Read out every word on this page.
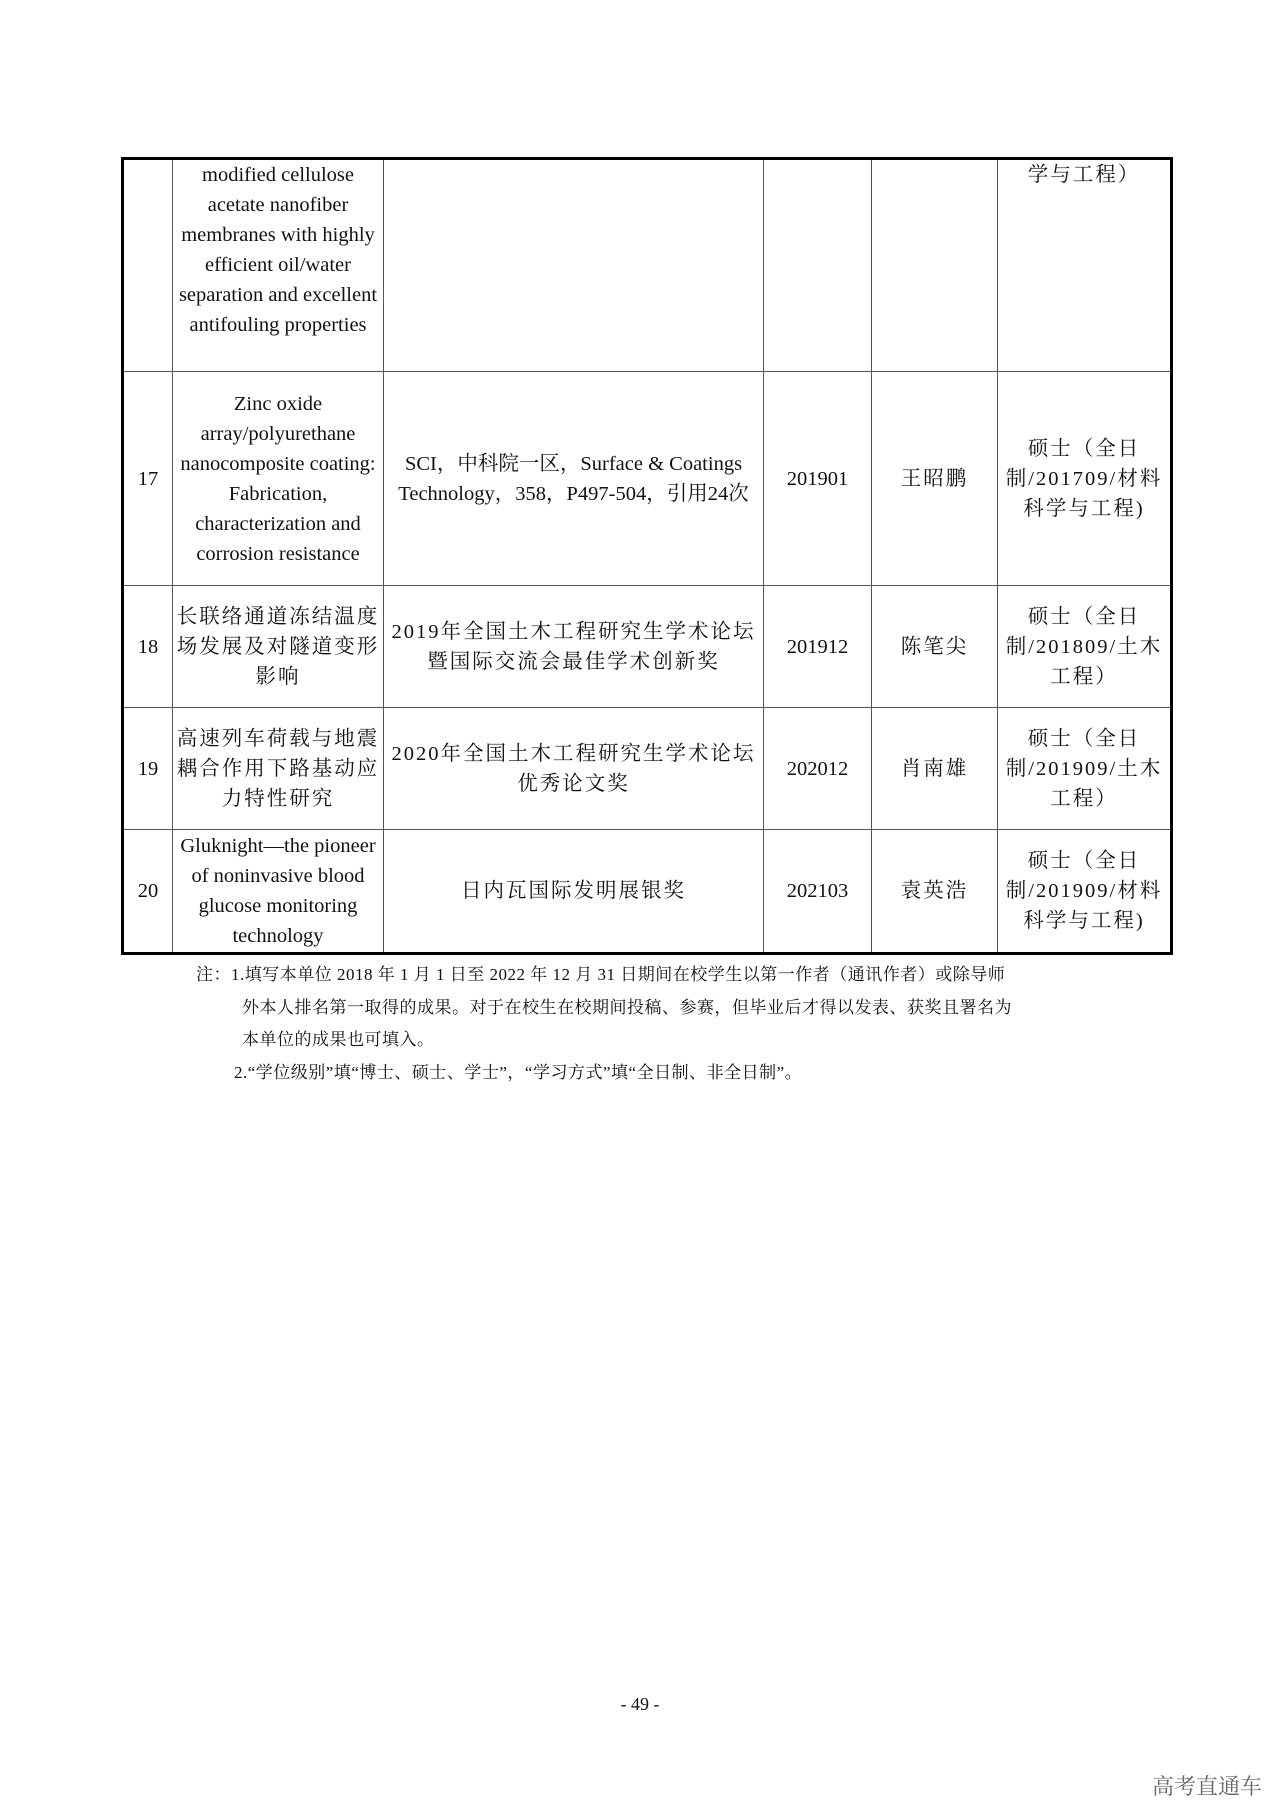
	modified cellulose acetate nanofiber membranes with highly efficient oil/water separation and excellent antifouling properties				学与工程）
17	Zinc oxide array/polyurethane nanocomposite coating: Fabrication, characterization and corrosion resistance	SCI，中科院一区，Surface & Coatings Technology，358，P497-504，引用24次	201901	王昭鹏	硕士（全日制/201709/材料科学与工程)
18	长联络通道冻结温度场发展及对隧道变形影响	2019年全国土木工程研究生学术论坛暨国际交流会最佳学术创新奖	201912	陈笔尖	硕士（全日制/201809/土木工程）
19	高速列车荷载与地震耦合作用下路基动应力特性研究	2020年全国土木工程研究生学术论坛优秀论文奖	202012	肖南雄	硕士（全日制/201909/土木工程）
20	Gluknight—the pioneer of noninvasive blood glucose monitoring technology	日内瓦国际发明展银奖	202103	袁英浩	硕士（全日制/201909/材料科学与工程)
注：1.填写本单位 2018 年 1 月 1 日至 2022 年 12 月 31 日期间在校学生以第一作者（通讯作者）或除导师
外本人排名第一取得的成果。对于在校生在校期间投稿、参赛，但毕业后才得以发表、获奖且署名为
本单位的成果也可填入。
2.“学位级别”填“博士、硕士、学士”，“学习方式”填“全日制、非全日制”。
- 49 -
高考直通车
